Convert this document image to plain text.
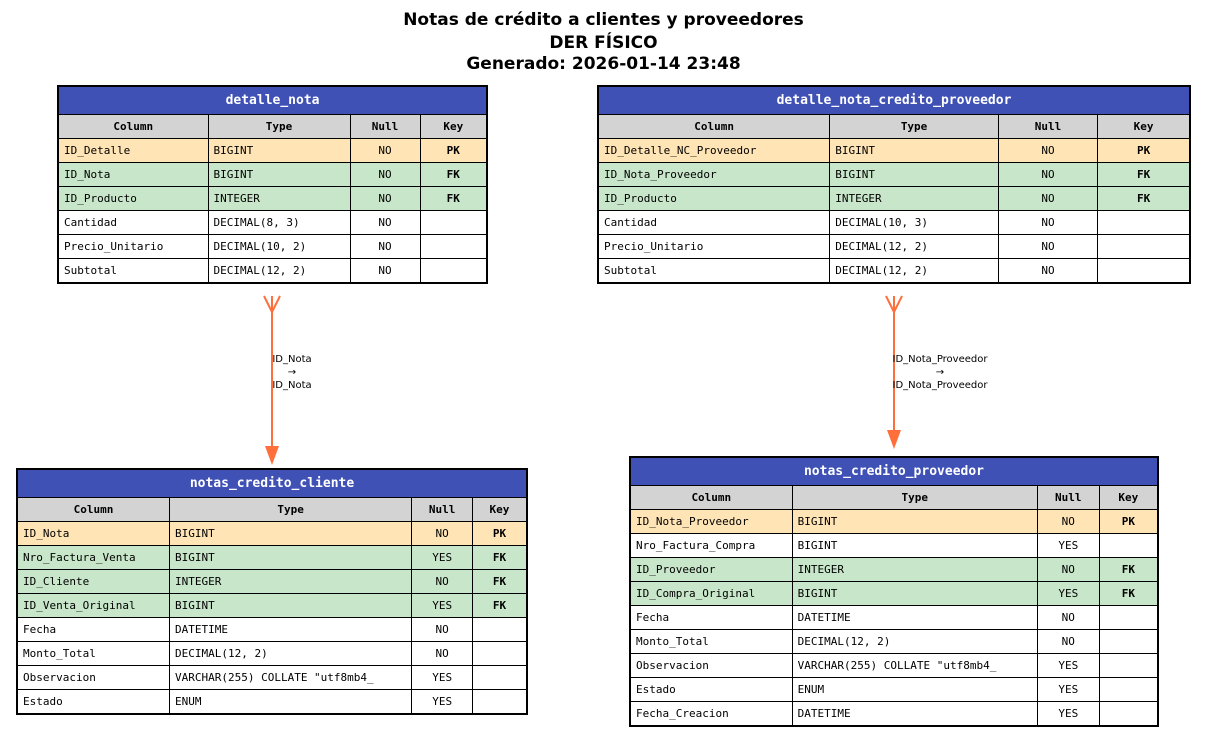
Notas de crédito a clientes y proveedores
DER FÍSICO
Generado: 2026-01-14 23:48
ID_Nota
→
ID_Nota
ID_Nota_Proveedor
→
ID_Nota_Proveedor
detalle_nota			
Column	Type	Null	Key
ID_Detalle	BIGINT	NO	PK
ID_Nota	BIGINT	NO	FK
ID_Producto	INTEGER	NO	FK
Cantidad	DECIMAL(8, 3)	NO	
Precio_Unitario	DECIMAL(10, 2)	NO	
Subtotal	DECIMAL(12, 2)	NO	
detalle_nota_credito_proveedor			
Column	Type	Null	Key
ID_Detalle_NC_Proveedor	BIGINT	NO	PK
ID_Nota_Proveedor	BIGINT	NO	FK
ID_Producto	INTEGER	NO	FK
Cantidad	DECIMAL(10, 3)	NO	
Precio_Unitario	DECIMAL(12, 2)	NO	
Subtotal	DECIMAL(12, 2)	NO	
notas_credito_cliente			
Column	Type	Null	Key
ID_Nota	BIGINT	NO	PK
Nro_Factura_Venta	BIGINT	YES	FK
ID_Cliente	INTEGER	NO	FK
ID_Venta_Original	BIGINT	YES	FK
Fecha	DATETIME	NO	
Monto_Total	DECIMAL(12, 2)	NO	
Observacion	VARCHAR(255) COLLATE "utf8mb4_	YES	
Estado	ENUM	YES	
notas_credito_proveedor			
Column	Type	Null	Key
ID_Nota_Proveedor	BIGINT	NO	PK
Nro_Factura_Compra	BIGINT	YES	
ID_Proveedor	INTEGER	NO	FK
ID_Compra_Original	BIGINT	YES	FK
Fecha	DATETIME	NO	
Monto_Total	DECIMAL(12, 2)	NO	
Observacion	VARCHAR(255) COLLATE "utf8mb4_	YES	
Estado	ENUM	YES	
Fecha_Creacion	DATETIME	YES	
